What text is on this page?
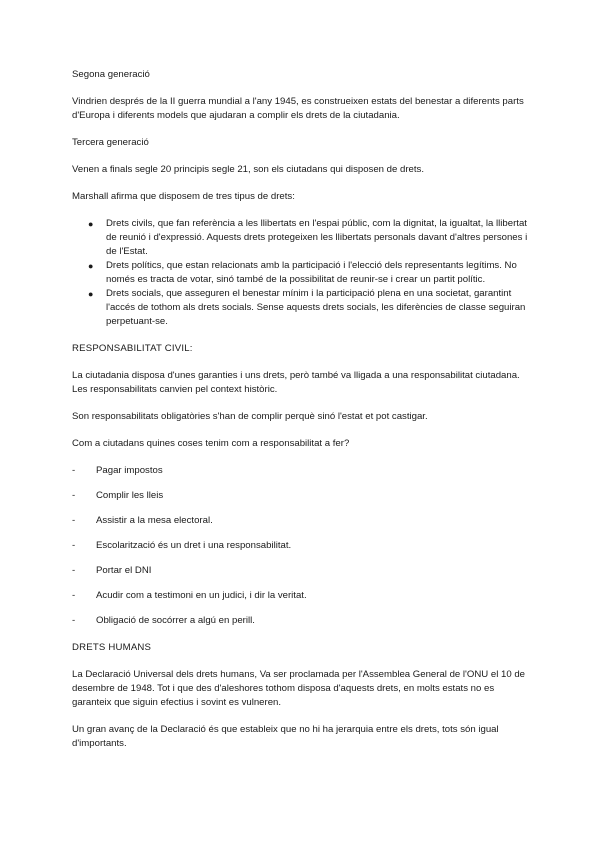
Segona generació

Vindrien després de la II guerra mundial a l'any 1945, es construeixen estats del benestar a diferents parts d'Europa i diferents models que ajudaran a complir els drets de la ciutadania.

Tercera generació

Venen a finals segle 20 principis segle 21, son els ciutadans qui disposen de drets.

Marshall afirma que disposem de tres tipus de drets:

● Drets civils, que fan referència a les llibertats en l'espai públic, com la dignitat, la igualtat, la llibertat de reunió i d'expressió. Aquests drets protegeixen les llibertats personals davant d'altres persones i de l'Estat.
● Drets polítics, que estan relacionats amb la participació i l'elecció dels representants legítims. No només es tracta de votar, sinó també de la possibilitat de reunir-se i crear un partit polític.
● Drets socials, que asseguren el benestar mínim i la participació plena en una societat, garantint l'accés de tothom als drets socials. Sense aquests drets socials, les diferències de classe seguiran perpetuant-se.

RESPONSABILITAT CIVIL:

La ciutadania disposa d'unes garanties i uns drets, però també va lligada a una responsabilitat ciutadana. Les responsabilitats canvien pel context històric.

Son responsabilitats obligatòries s'han de complir perquè sinó l'estat et pot castigar.

Com a ciutadans quines coses tenim com a responsabilitat a fer?

- Pagar impostos
- Complir les lleis
- Assistir a la mesa electoral.
- Escolarització és un dret i una responsabilitat.
- Portar el DNI
- Acudir com a testimoni en un judici, i dir la veritat.
- Obligació de socórrer a algú en perill.

DRETS HUMANS

La Declaració Universal dels drets humans, Va ser proclamada per l'Assemblea General de l'ONU el 10 de desembre de 1948. Tot i que des d'aleshores tothom disposa d'aquests drets, en molts estats no es garanteix que siguin efectius i sovint es vulneren.

Un gran avanç de la Declaració és que estableix que no hi ha jerarquia entre els drets, tots són igual d'importants.
